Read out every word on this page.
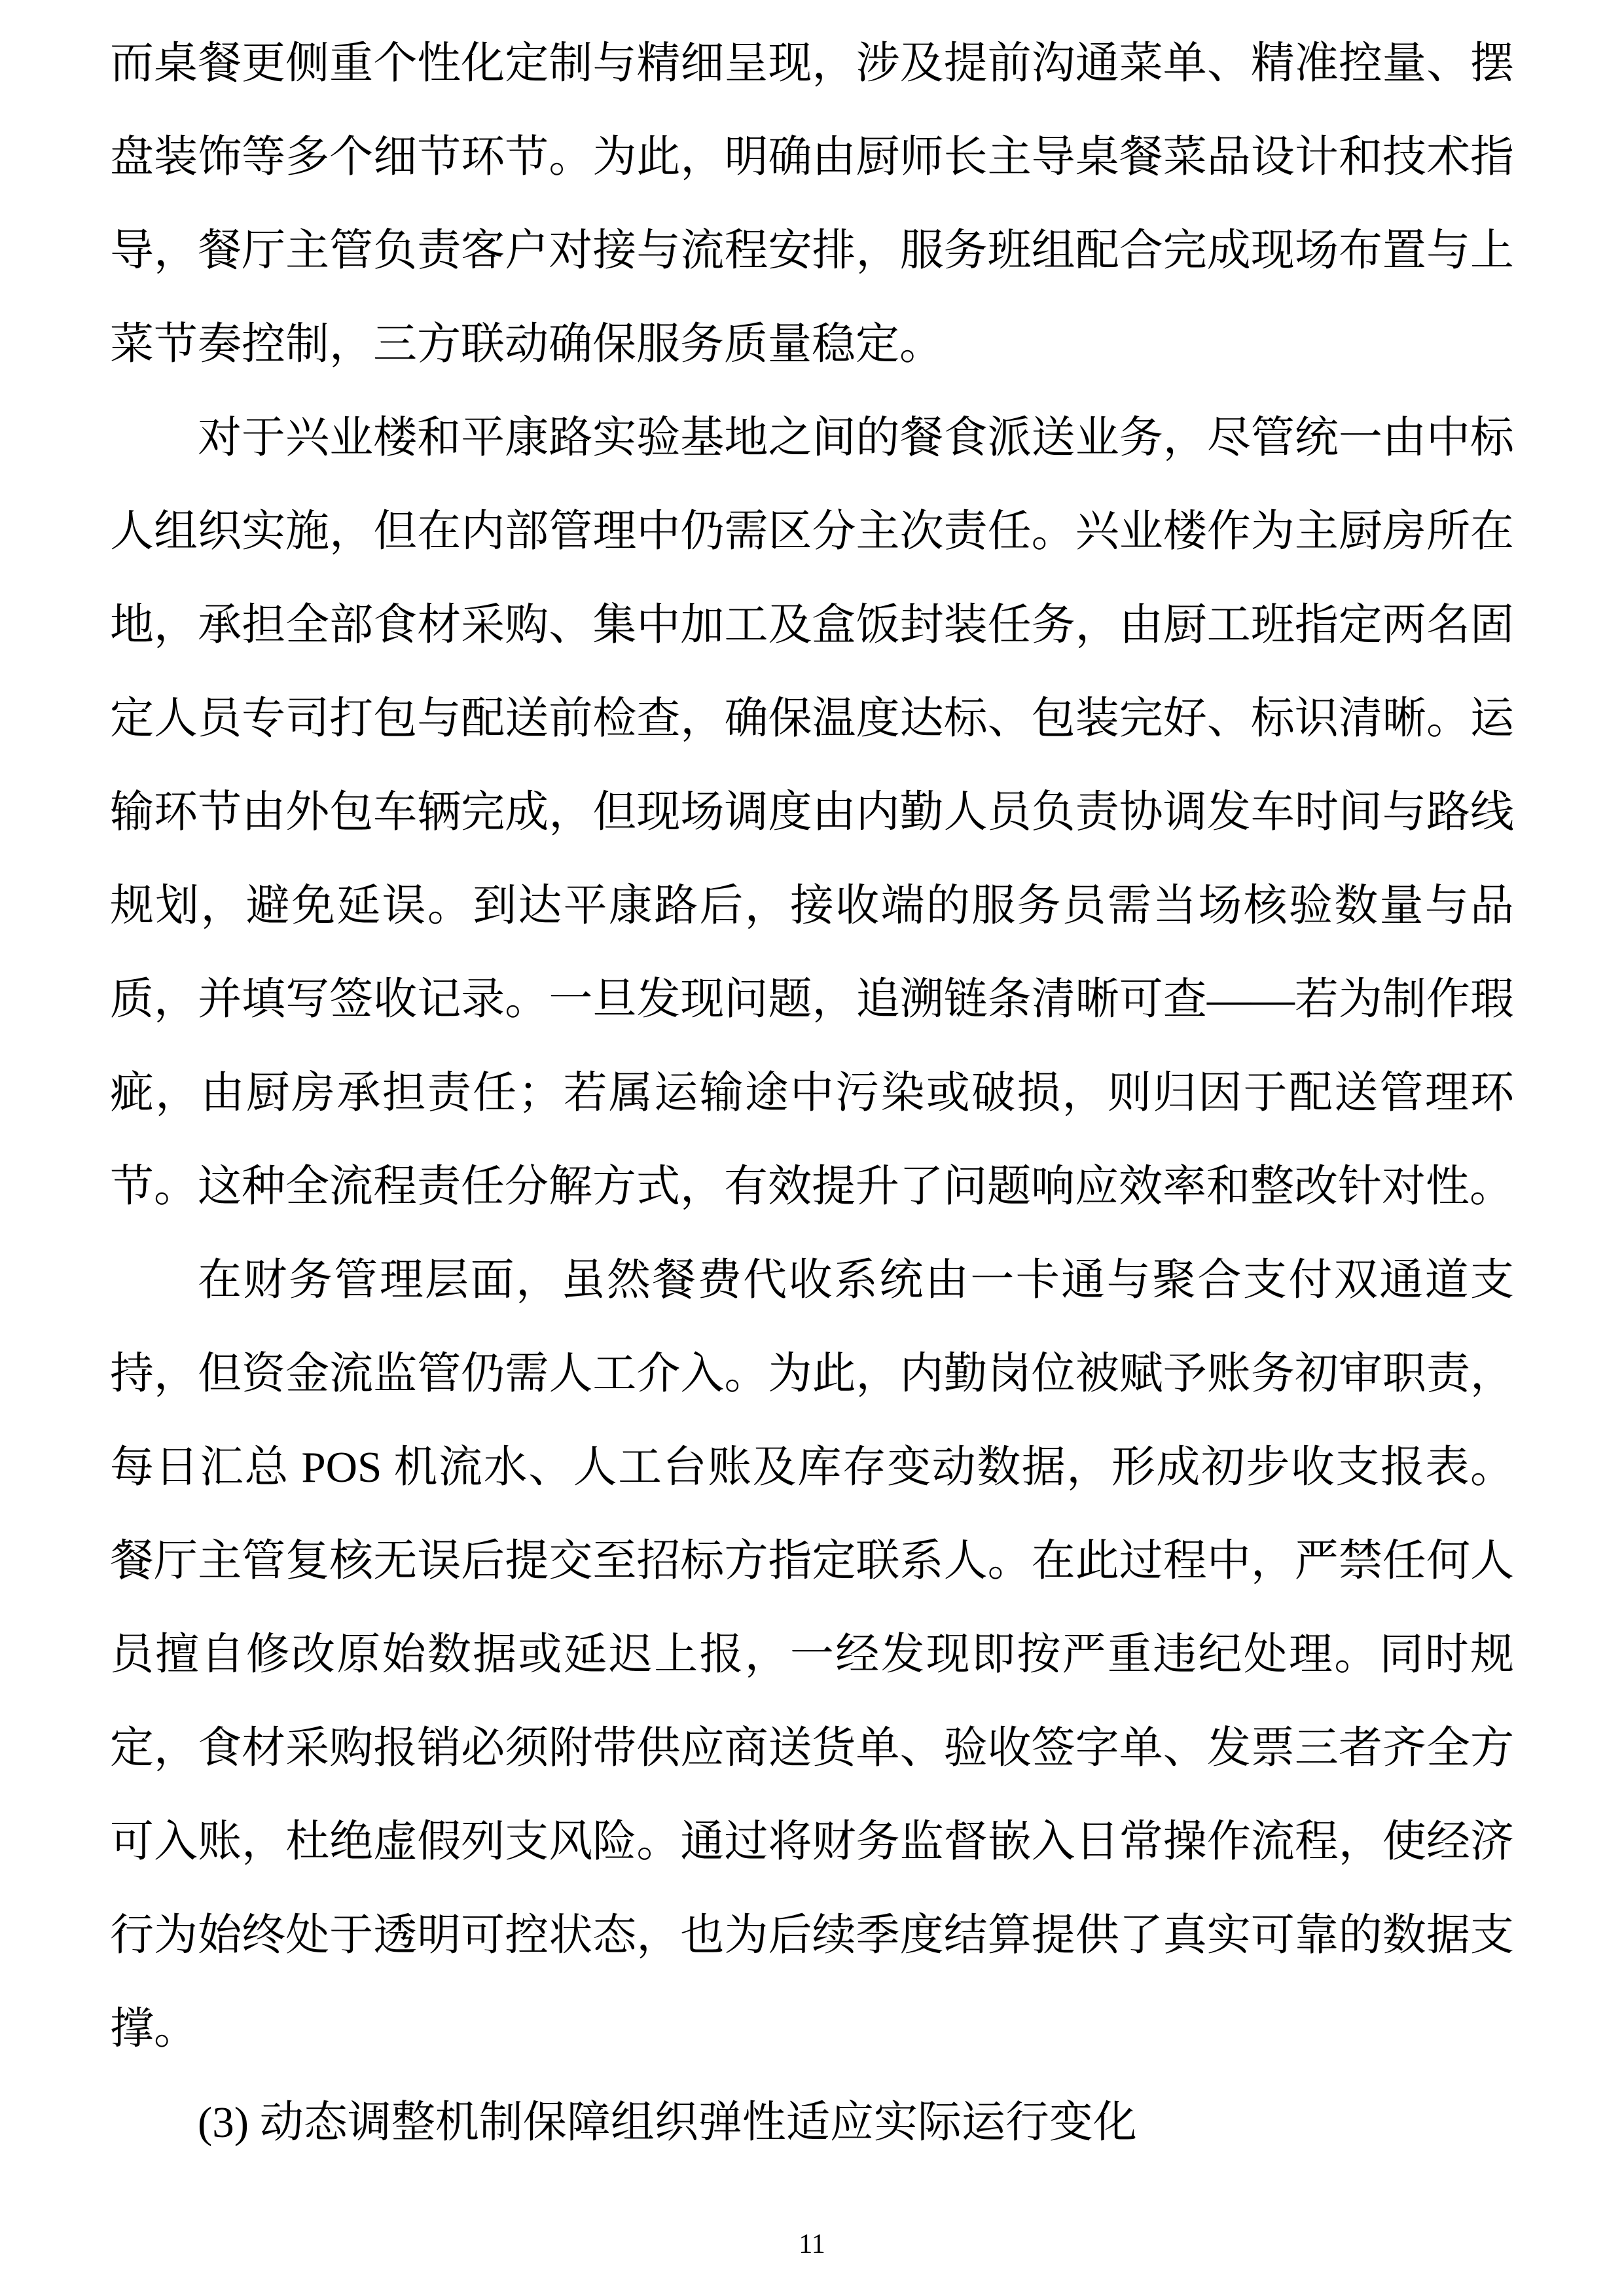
而桌餐更侧重个性化定制与精细呈现，涉及提前沟通菜单、精准控量、摆盘装饰等多个细节环节。为此，明确由厨师长主导桌餐菜品设计和技术指导，餐厅主管负责客户对接与流程安排，服务班组配合完成现场布置与上菜节奏控制，三方联动确保服务质量稳定。

对于兴业楼和平康路实验基地之间的餐食派送业务，尽管统一由中标人组织实施，但在内部管理中仍需区分主次责任。兴业楼作为主厨房所在地，承担全部食材采购、集中加工及盒饭封装任务，由厨工班指定两名固定人员专司打包与配送前检查，确保温度达标、包装完好、标识清晰。运输环节由外包车辆完成，但现场调度由内勤人员负责协调发车时间与路线规划，避免延误。到达平康路后，接收端的服务员需当场核验数量与品质，并填写签收记录。一旦发现问题，追溯链条清晰可查——若为制作瑕疵，由厨房承担责任；若属运输途中污染或破损，则归因于配送管理环节。这种全流程责任分解方式，有效提升了问题响应效率和整改针对性。

在财务管理层面，虽然餐费代收系统由一卡通与聚合支付双通道支持，但资金流监管仍需人工介入。为此，内勤岗位被赋予账务初审职责，每日汇总 POS 机流水、人工台账及库存变动数据，形成初步收支报表。餐厅主管复核无误后提交至招标方指定联系人。在此过程中，严禁任何人员擅自修改原始数据或延迟上报，一经发现即按严重违纪处理。同时规定，食材采购报销必须附带供应商送货单、验收签字单、发票三者齐全方可入账，杜绝虚假列支风险。通过将财务监督嵌入日常操作流程，使经济行为始终处于透明可控状态，也为后续季度结算提供了真实可靠的数据支撑。

(3) 动态调整机制保障组织弹性适应实际运行变化

11
